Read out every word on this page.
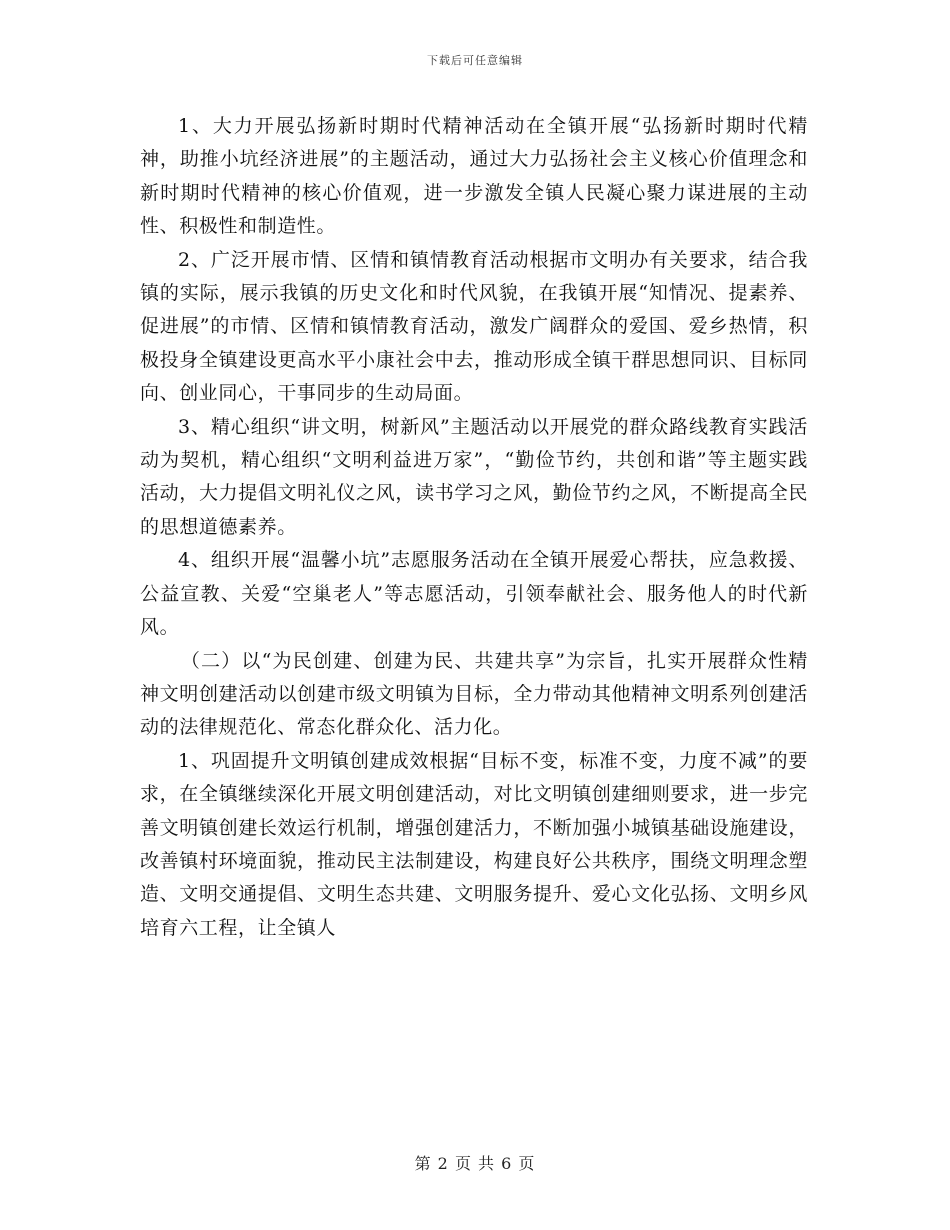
下载后可任意编辑

1、大力开展弘扬新时期时代精神活动在全镇开展“弘扬新时期时代精神，助推小坑经济进展”的主题活动，通过大力弘扬社会主义核心价值理念和新时期时代精神的核心价值观，进一步激发全镇人民凝心聚力谋进展的主动性、积极性和制造性。

2、广泛开展市情、区情和镇情教育活动根据市文明办有关要求，结合我镇的实际，展示我镇的历史文化和时代风貌，在我镇开展“知情况、提素养、促进展”的市情、区情和镇情教育活动，激发广阔群众的爱国、爱乡热情，积极投身全镇建设更高水平小康社会中去，推动形成全镇干群思想同识、目标同向、创业同心，干事同步的生动局面。

3、精心组织“讲文明，树新风”主题活动以开展党的群众路线教育实践活动为契机，精心组织“文明利益进万家”，“勤俭节约，共创和谐”等主题实践活动，大力提倡文明礼仪之风，读书学习之风，勤俭节约之风，不断提高全民的思想道德素养。

4、组织开展“温馨小坑”志愿服务活动在全镇开展爱心帮扶，应急救援、公益宣教、关爱“空巢老人”等志愿活动，引领奉献社会、服务他人的时代新风。

（二）以“为民创建、创建为民、共建共享”为宗旨，扎实开展群众性精神文明创建活动以创建市级文明镇为目标，全力带动其他精神文明系列创建活动的法律规范化、常态化群众化、活力化。

1、巩固提升文明镇创建成效根据“目标不变，标准不变，力度不减”的要求，在全镇继续深化开展文明创建活动，对比文明镇创建细则要求，进一步完善文明镇创建长效运行机制，增强创建活力，不断加强小城镇基础设施建设，改善镇村环境面貌，推动民主法制建设，构建良好公共秩序，围绕文明理念塑造、文明交通提倡、文明生态共建、文明服务提升、爱心文化弘扬、文明乡风培育六工程，让全镇人

第 2 页 共 6 页
